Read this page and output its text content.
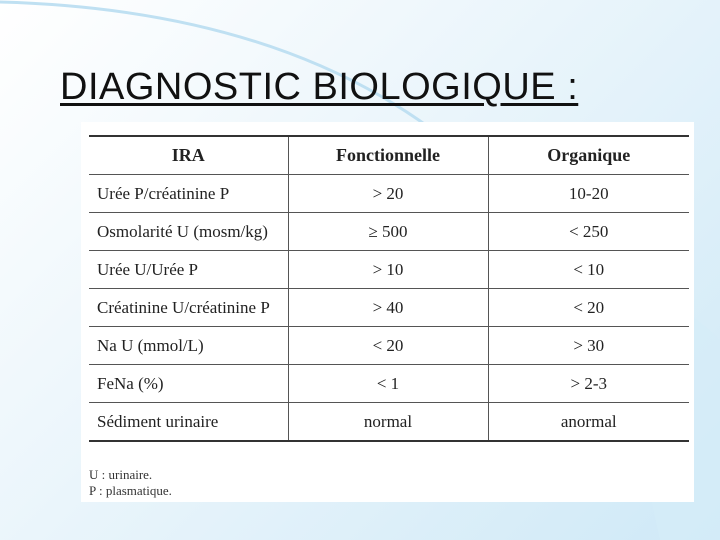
DIAGNOSTIC BIOLOGIQUE :
IRA	Fonctionnelle	Organique
Urée P/créatinine P	> 20	10-20
Osmolarité U (mosm/kg)	≥ 500	< 250
Urée U/Urée P	> 10	< 10
Créatinine U/créatinine P	> 40	< 20
Na U (mmol/L)	< 20	> 30
FeNa (%)	< 1	> 2-3
Sédiment urinaire	normal	anormal
U : urinaire.
P : plasmatique.
